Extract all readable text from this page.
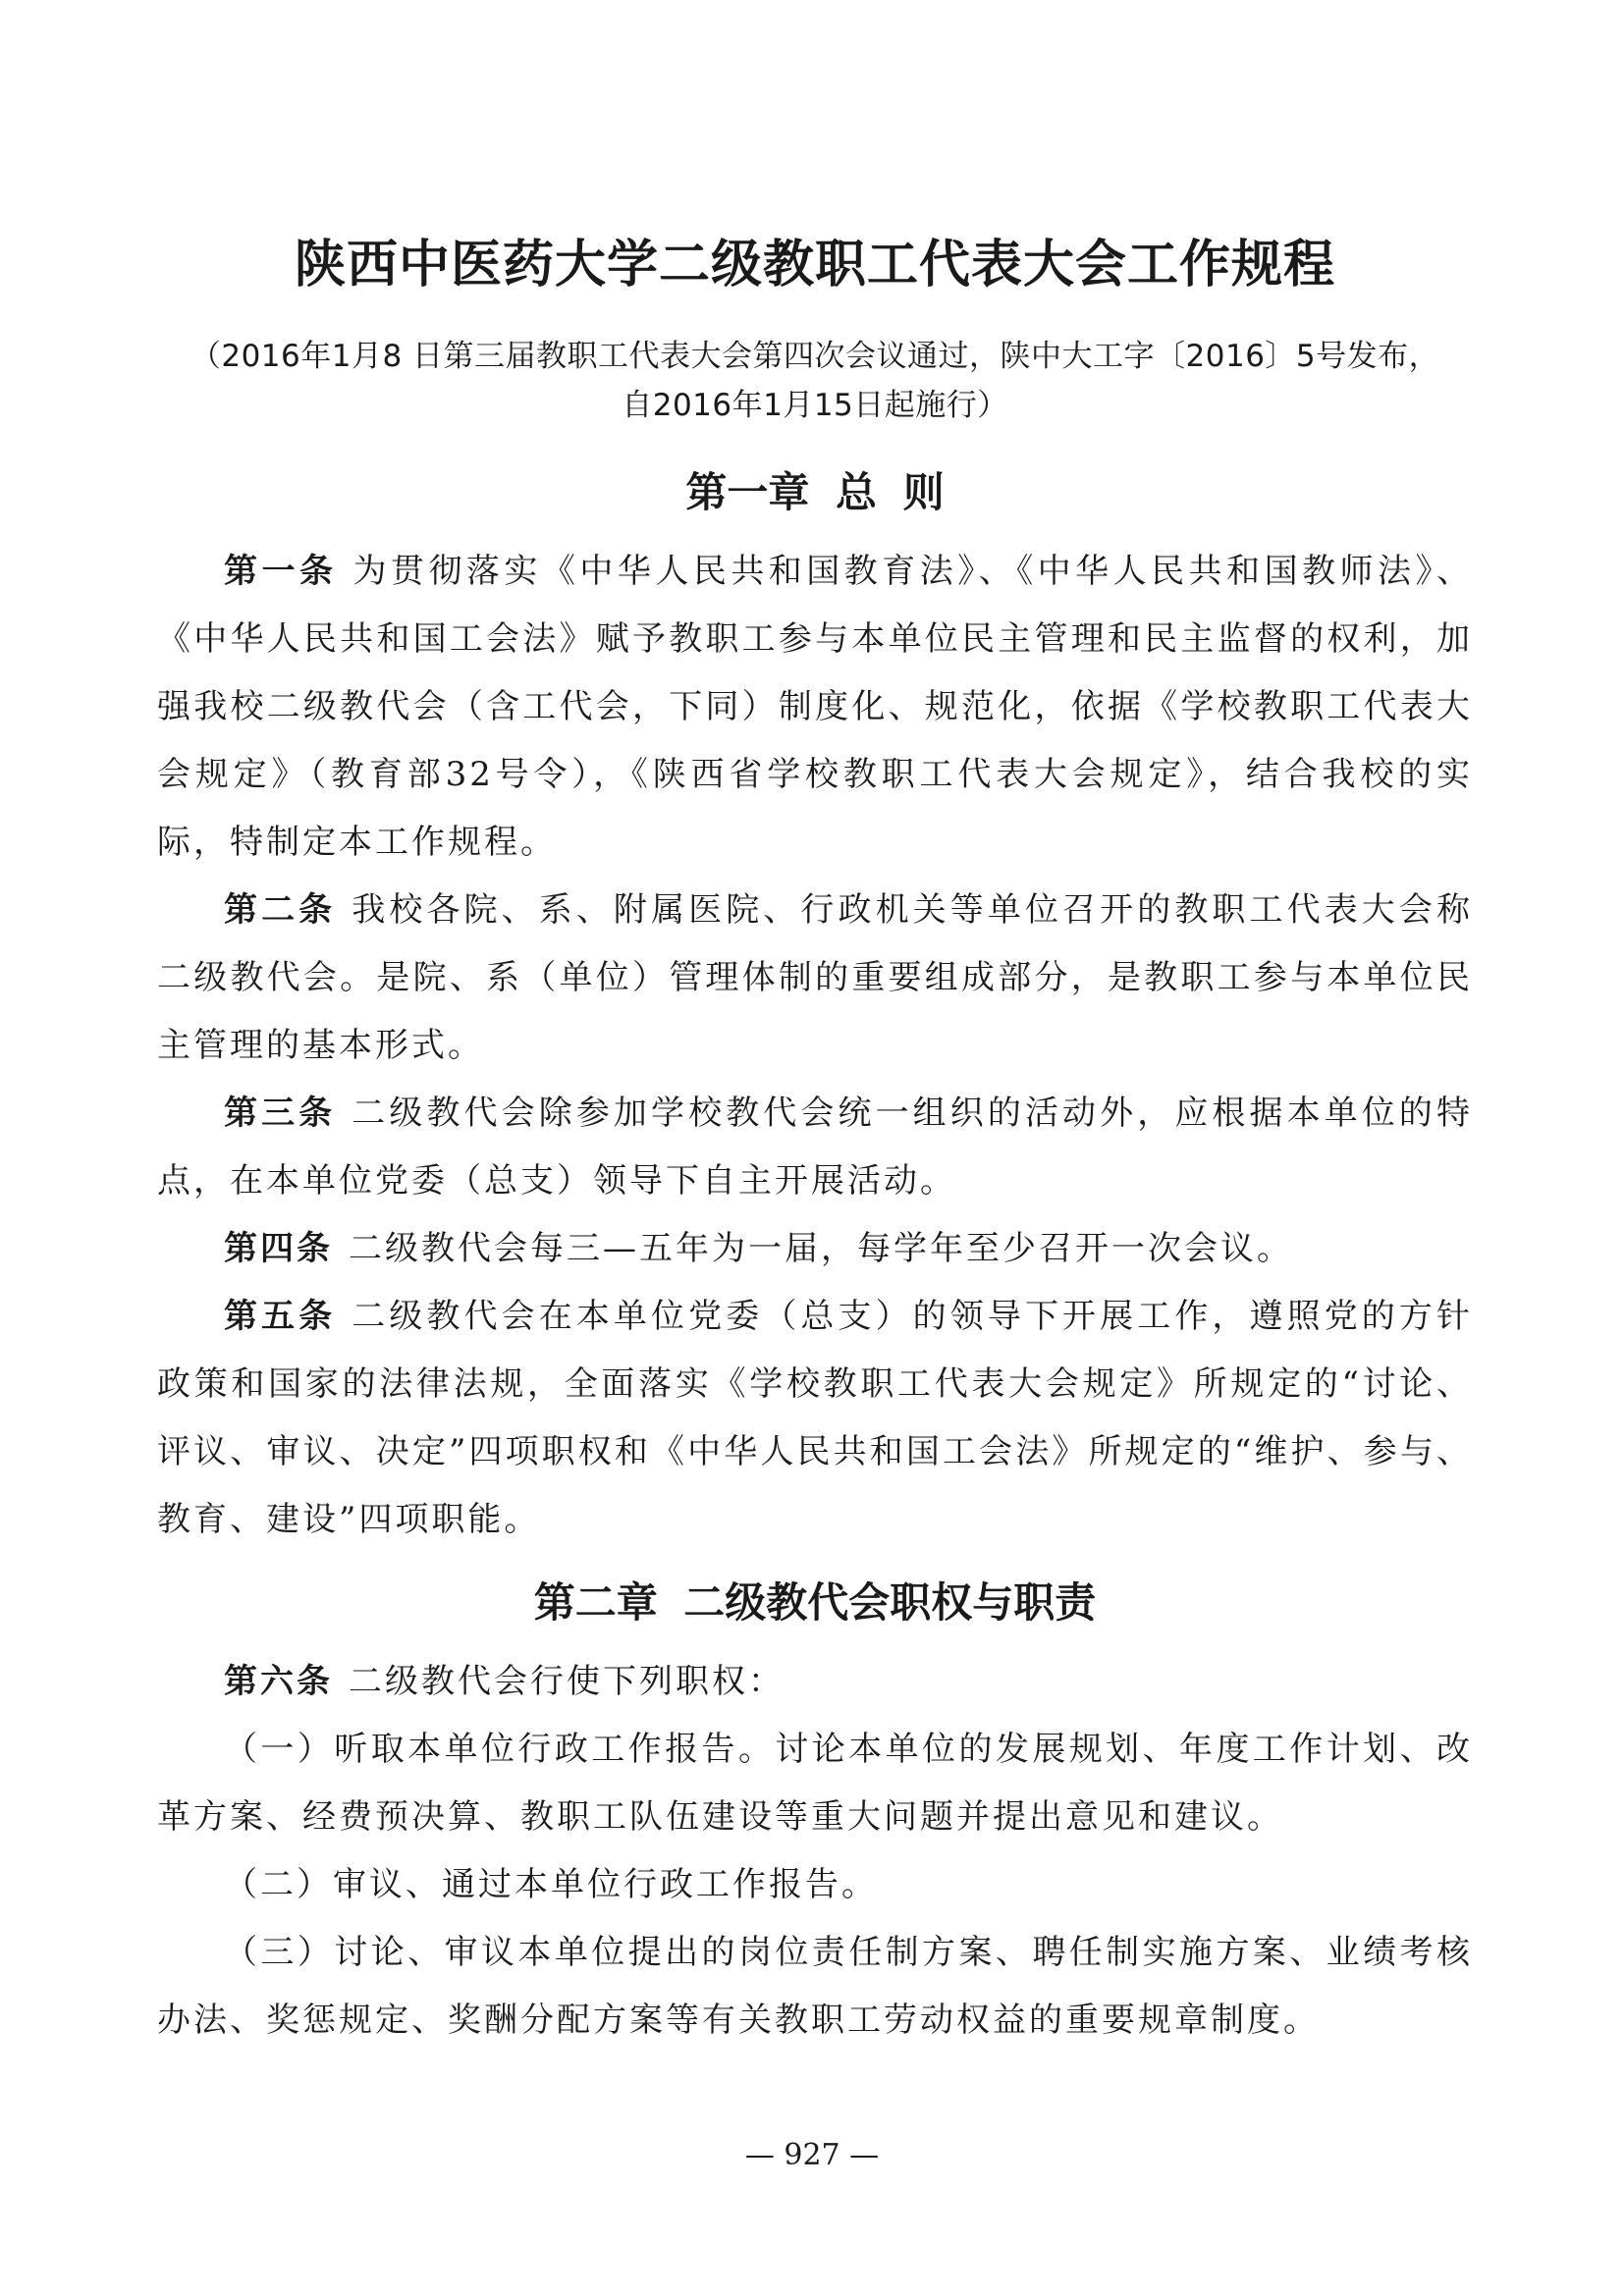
陕西中医药大学二级教职工代表大会工作规程
（2016年1月8 日第三届教职工代表大会第四次会议通过，陕中大工字〔2016〕5号发布，
自2016年1月15日起施行）
第一章 总 则

第一条 为贯彻落实《中华人民共和国教育法》、《中华人民共和国教师法》、《中华人民共和国工会法》赋予教职工参与本单位民主管理和民主监督的权利，加强我校二级教代会（含工代会，下同）制度化、规范化，依据《学校教职工代表大会规定》（教育部32号令），《陕西省学校教职工代表大会规定》，结合我校的实际，特制定本工作规程。

第二条 我校各院、系、附属医院、行政机关等单位召开的教职工代表大会称二级教代会。是院、系（单位）管理体制的重要组成部分，是教职工参与本单位民主管理的基本形式。

第三条 二级教代会除参加学校教代会统一组织的活动外，应根据本单位的特点，在本单位党委（总支）领导下自主开展活动。

第四条 二级教代会每三—五年为一届，每学年至少召开一次会议。

第五条 二级教代会在本单位党委（总支）的领导下开展工作，遵照党的方针政策和国家的法律法规，全面落实《学校教职工代表大会规定》所规定的“讨论、评议、审议、决定”四项职权和《中华人民共和国工会法》所规定的“维护、参与、教育、建设”四项职能。

第二章 二级教代会职权与职责

第六条 二级教代会行使下列职权：

（一）听取本单位行政工作报告。讨论本单位的发展规划、年度工作计划、改革方案、经费预决算、教职工队伍建设等重大问题并提出意见和建议。

（二）审议、通过本单位行政工作报告。

（三）讨论、审议本单位提出的岗位责任制方案、聘任制实施方案、业绩考核办法、奖惩规定、奖酬分配方案等有关教职工劳动权益的重要规章制度。

— 927 —
